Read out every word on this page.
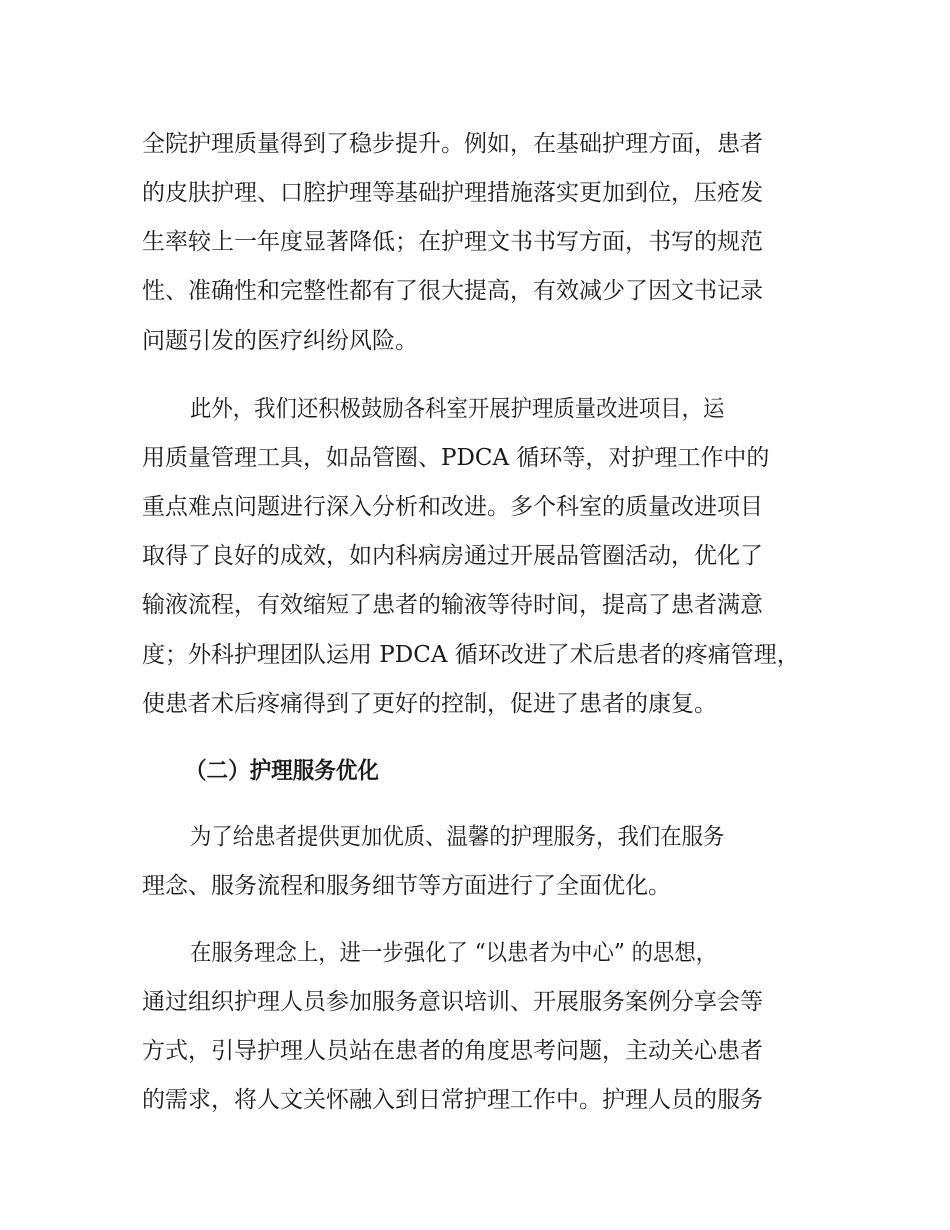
全院护理质量得到了稳步提升。例如，在基础护理方面，患者
的皮肤护理、口腔护理等基础护理措施落实更加到位，压疮发
生率较上一年度显著降低；在护理文书书写方面，书写的规范
性、准确性和完整性都有了很大提高，有效减少了因文书记录
问题引发的医疗纠纷风险。
此外，我们还积极鼓励各科室开展护理质量改进项目，运
用质量管理工具，如品管圈、PDCA 循环等，对护理工作中的
重点难点问题进行深入分析和改进。多个科室的质量改进项目
取得了良好的成效，如内科病房通过开展品管圈活动，优化了
输液流程，有效缩短了患者的输液等待时间，提高了患者满意
度；外科护理团队运用 PDCA 循环改进了术后患者的疼痛管理，
使患者术后疼痛得到了更好的控制，促进了患者的康复。
（二）护理服务优化
为了给患者提供更加优质、温馨的护理服务，我们在服务
理念、服务流程和服务细节等方面进行了全面优化。
在服务理念上，进一步强化了 “以患者为中心” 的思想，
通过组织护理人员参加服务意识培训、开展服务案例分享会等
方式，引导护理人员站在患者的角度思考问题，主动关心患者
的需求，将人文关怀融入到日常护理工作中。护理人员的服务
